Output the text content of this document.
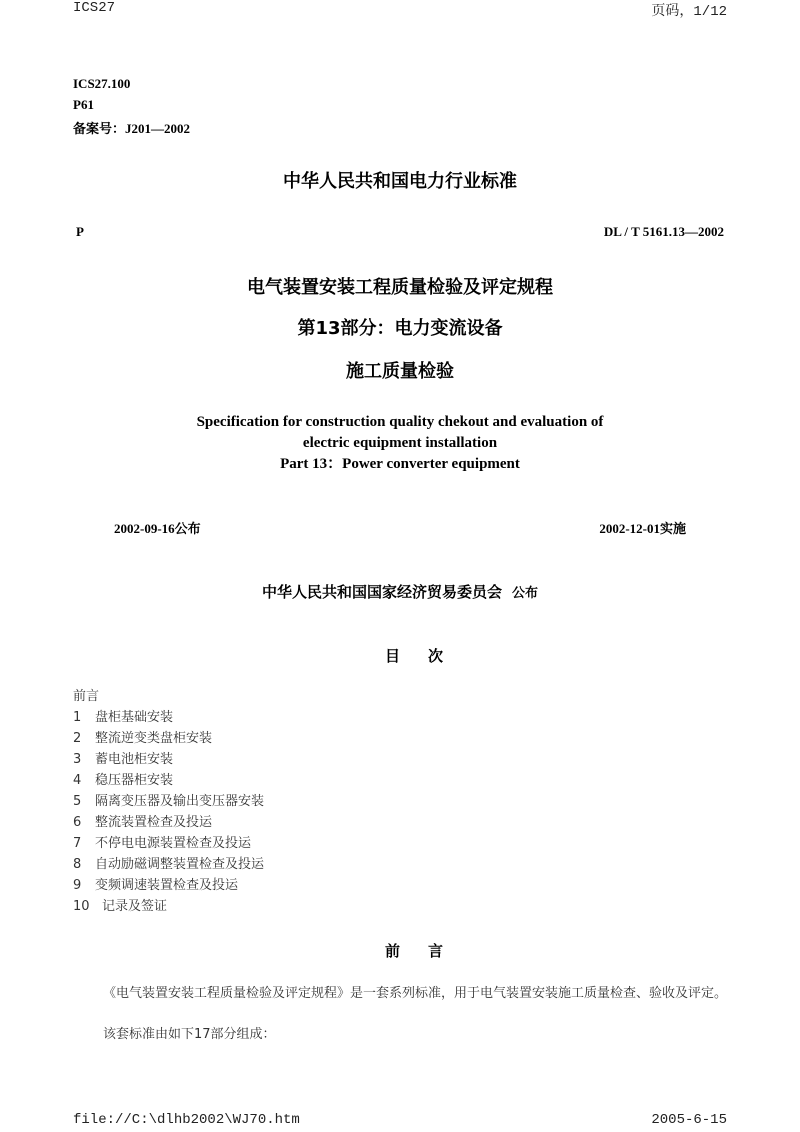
ICS27	页码，1/12
ICS27.100
P61
备案号：J201—2002
中华人民共和国电力行业标准
P	DL / T 5161.13—2002
电气装置安装工程质量检验及评定规程
第13部分：电力变流设备
施工质量检验
Specification for construction quality chekout and evaluation of
electric equipment installation
Part 13：Power converter equipment
2002-09-16公布	2002-12-01实施
中华人民共和国国家经济贸易委员会 公布
目次
前言
1 盘柜基础安装
2 整流逆变类盘柜安装
3 蓄电池柜安装
4 稳压器柜安装
5 隔离变压器及输出变压器安装
6 整流装置检查及投运
7 不停电电源装置检查及投运
8 自动励磁调整装置检查及投运
9 变频调速装置检查及投运
10 记录及签证
前言
《电气装置安装工程质量检验及评定规程》是一套系列标准，用于电气装置安装施工质量检查、验收及评定。
该套标准由如下17部分组成：
file://C:\dlhb2002\WJ70.htm	2005-6-15
